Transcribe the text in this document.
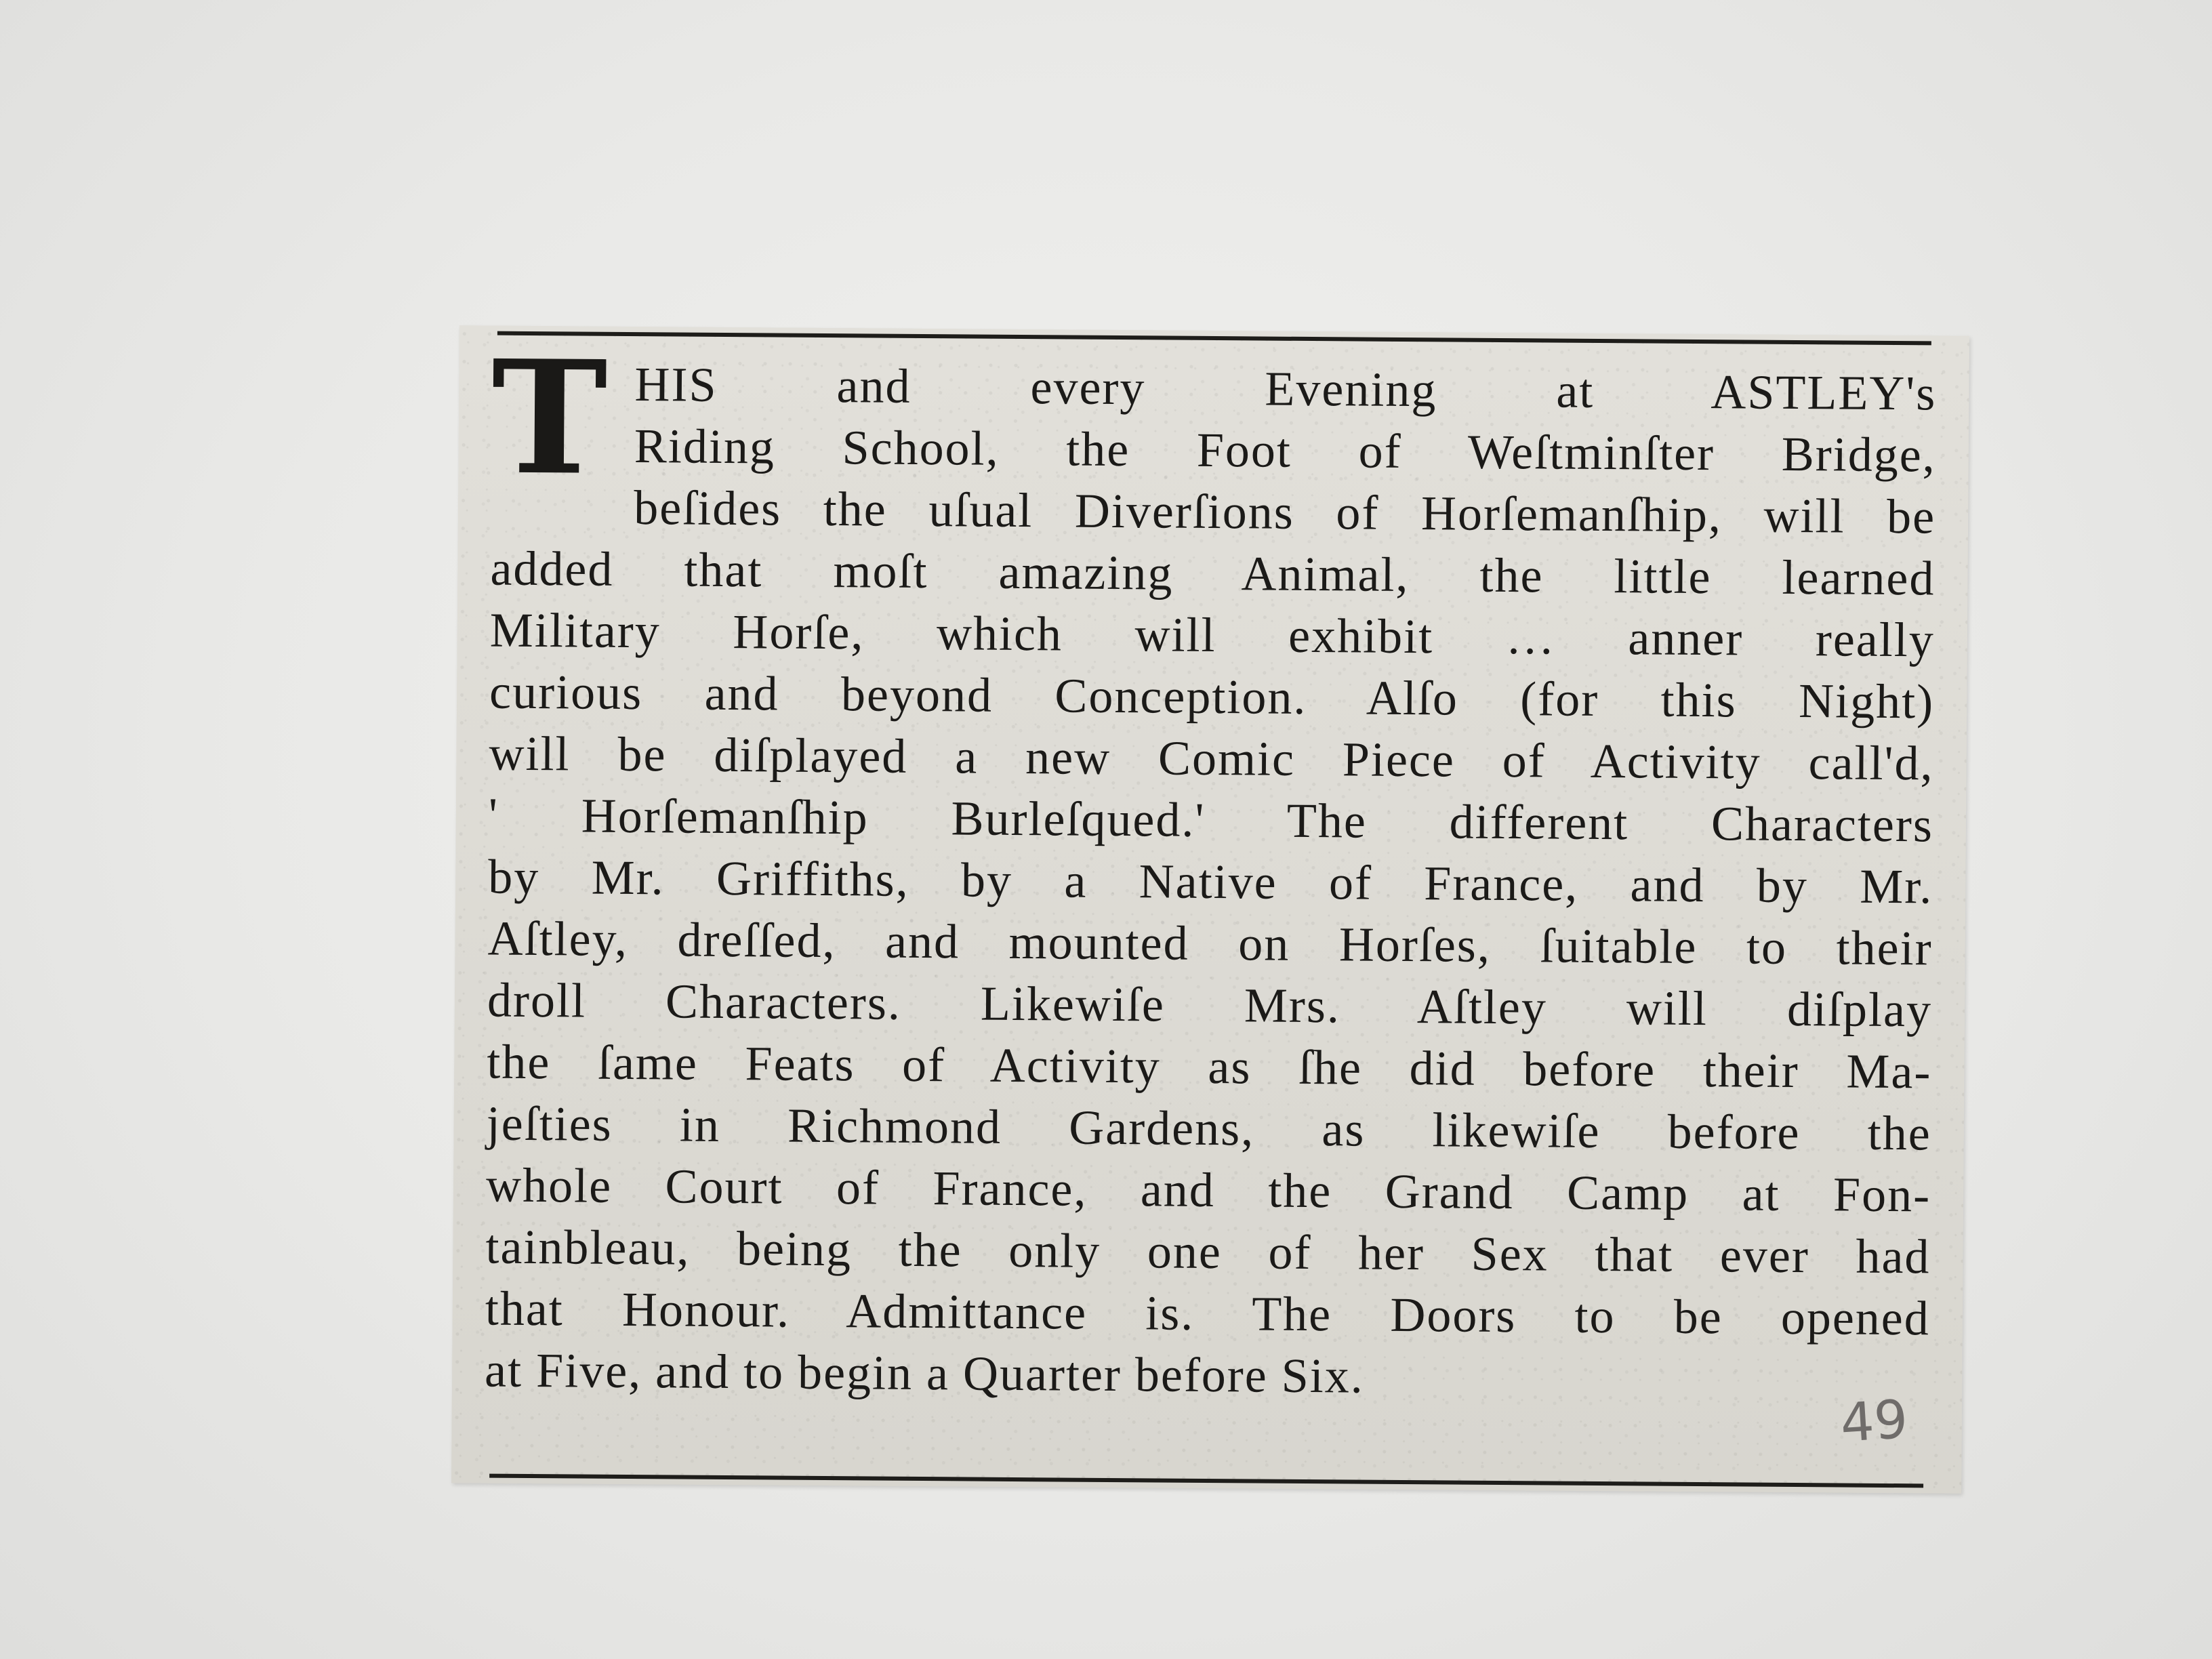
T HIS and every Evening at ASTLEY's
Riding School, the Foot of Weſtminſter Bridge,
beſides the uſual Diverſions of Horſemanſhip, will be
added that moſt amazing Animal, the little learned
Military Horſe, which will exhibit … anner really
curious and beyond Conception. Alſo (for this Night)
will be diſplayed a new Comic Piece of Activity call'd,
' Horſemanſhip Burleſqued.' The different Characters
by Mr. Griffiths, by a Native of France, and by Mr.
Aſtley, dreſſed, and mounted on Horſes, ſuitable to their
droll Characters. Likewiſe Mrs. Aſtley will diſplay
the ſame Feats of Activity as ſhe did before their Ma-
jeſties in Richmond Gardens, as likewiſe before the
whole Court of France, and the Grand Camp at Fon-
tainbleau, being the only one of her Sex that ever had
that Honour. Admittance is. The Doors to be opened
at Five, and to begin a Quarter before Six.
49
